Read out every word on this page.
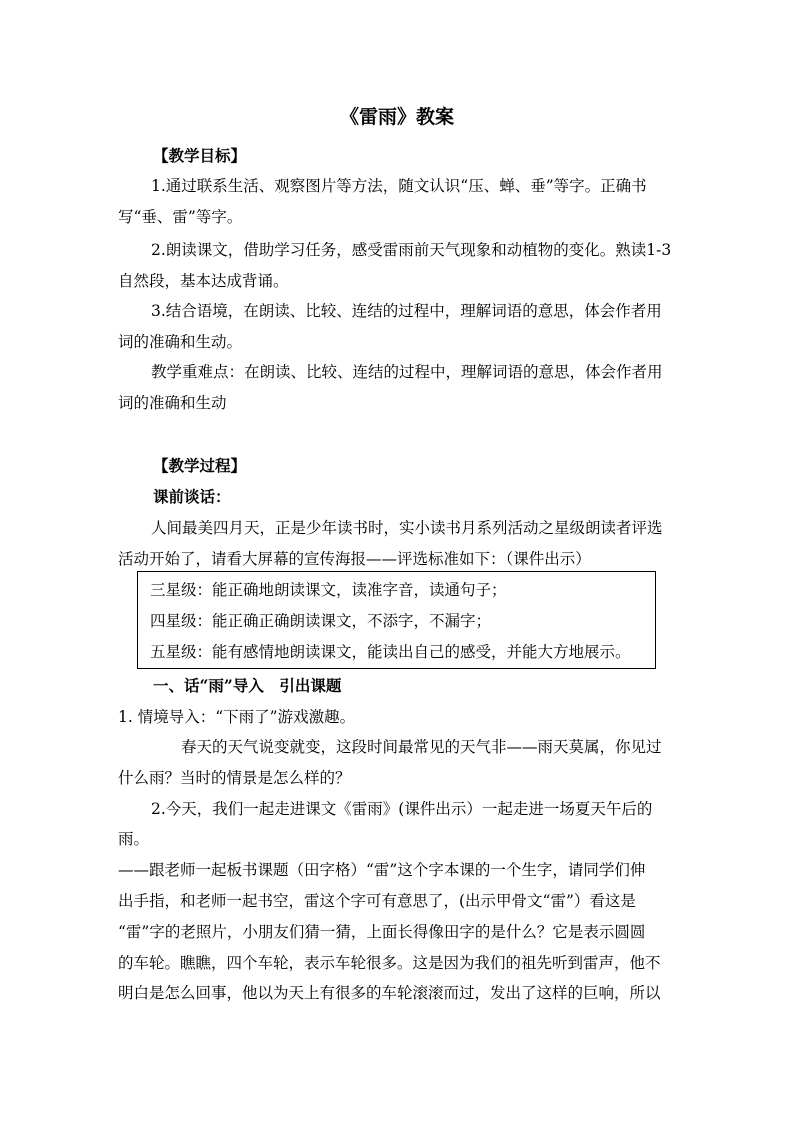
《雷雨》教案
【教学目标】
1.通过联系生活、观察图片等方法，随文认识“压、蝉、垂”等字。正确书
写“垂、雷”等字。
2.朗读课文，借助学习任务，感受雷雨前天气现象和动植物的变化。熟读1-3
自然段，基本达成背诵。
3.结合语境，在朗读、比较、连结的过程中，理解词语的意思，体会作者用
词的准确和生动。
教学重难点：在朗读、比较、连结的过程中，理解词语的意思，体会作者用
词的准确和生动
【教学过程】
课前谈话：
人间最美四月天，正是少年读书时，实小读书月系列活动之星级朗读者评选
活动开始了，请看大屏幕的宣传海报——评选标准如下：（课件出示）
三星级：能正确地朗读课文，读准字音，读通句子；
四星级：能正确正确朗读课文，不添字，不漏字；
五星级：能有感情地朗读课文，能读出自己的感受，并能大方地展示。
一、话“雨”导入　引出课题
1. 情境导入：“下雨了”游戏激趣。
春天的天气说变就变，这段时间最常见的天气非——雨天莫属，你见过
什么雨？当时的情景是怎么样的？
2.今天，我们一起走进课文《雷雨》(课件出示）一起走进一场夏天午后的
雨。
——跟老师一起板书课题（田字格）“雷”这个字本课的一个生字，请同学们伸
出手指，和老师一起书空，雷这个字可有意思了，(出示甲骨文“雷”）看这是
“雷”字的老照片，小朋友们猜一猜，上面长得像田字的是什么？它是表示圆圆
的车轮。瞧瞧，四个车轮，表示车轮很多。这是因为我们的祖先听到雷声，他不
明白是怎么回事，他以为天上有很多的车轮滚滚而过，发出了这样的巨响，所以
